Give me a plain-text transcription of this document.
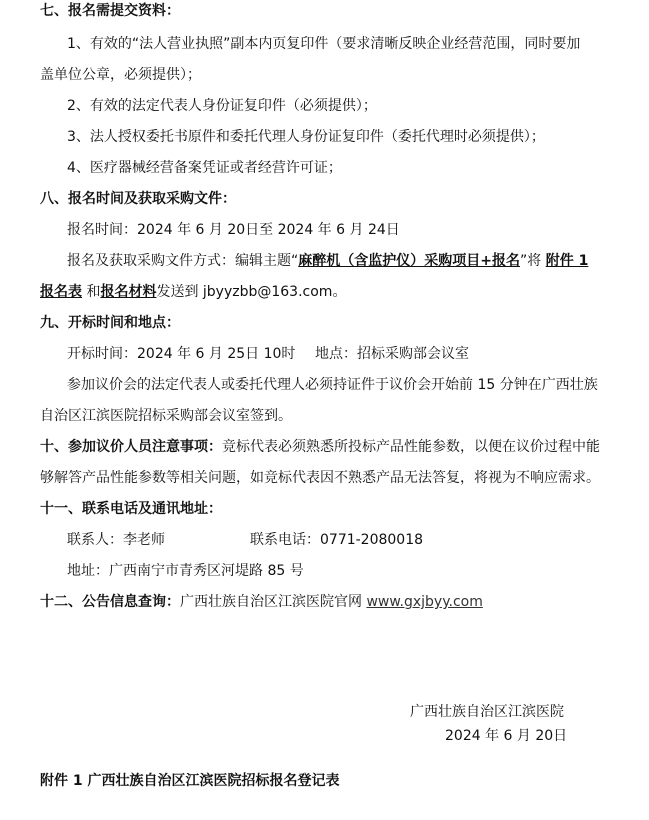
七、报名需提交资料：
1、有效的“法人营业执照”副本内页复印件（要求清晰反映企业经营范围，同时要加
盖单位公章，必须提供）；
2、有效的法定代表人身份证复印件（必须提供）；
3、法人授权委托书原件和委托代理人身份证复印件（委托代理时必须提供）；
4、医疗器械经营备案凭证或者经营许可证；
八、报名时间及获取采购文件：
报名时间：2024 年 6 月 20日至 2024 年 6 月 24日
报名及获取采购文件方式：编辑主题“麻醉机（含监护仪）采购项目+报名”将 附件 1
报名表 和报名材料发送到 jbyyzbb@163.com。
九、开标时间和地点：
开标时间：2024 年 6 月 25日 10时 地点：招标采购部会议室
参加议价会的法定代表人或委托代理人必须持证件于议价会开始前 15 分钟在广西壮族
自治区江滨医院招标采购部会议室签到。
十、参加议价人员注意事项：竞标代表必须熟悉所投标产品性能参数，以便在议价过程中能
够解答产品性能参数等相关问题，如竞标代表因不熟悉产品无法答复，将视为不响应需求。
十一、联系电话及通讯地址：
联系人：李老师	联系电话：0771-2080018
地址：广西南宁市青秀区河堤路 85 号
十二、公告信息查询：广西壮族自治区江滨医院官网 www.gxjbyy.com
广西壮族自治区江滨医院
2024 年 6 月 20日
附件 1 广西壮族自治区江滨医院招标报名登记表
